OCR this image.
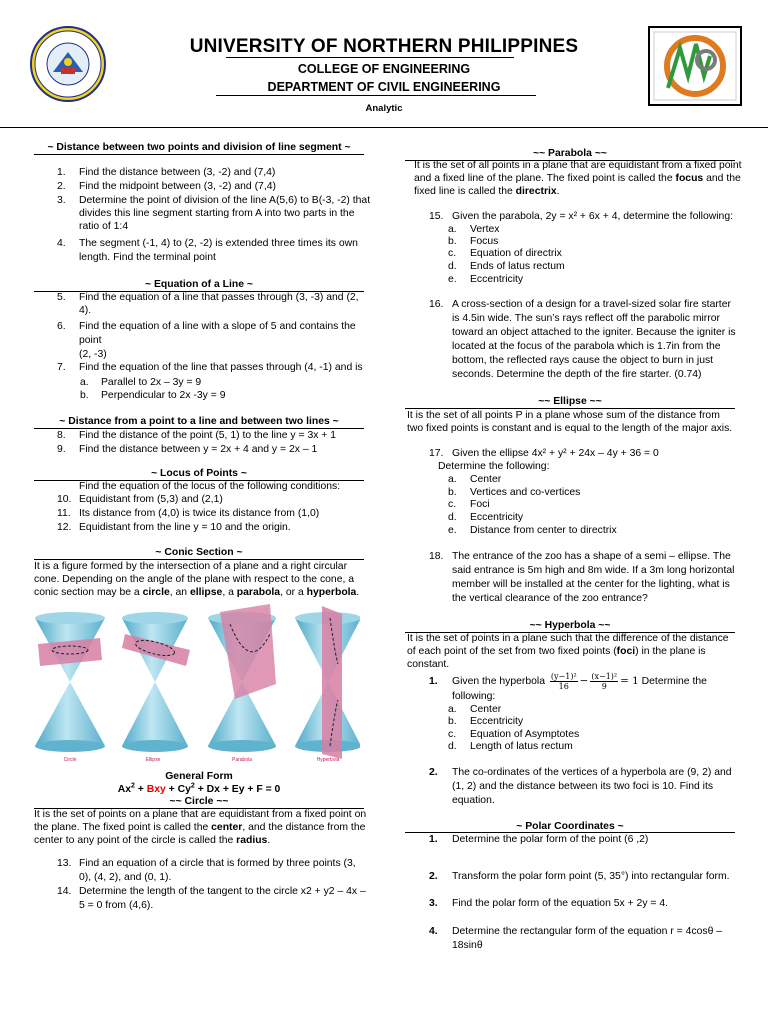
UNIVERSITY OF NORTHERN PHILIPPINES
COLLEGE OF ENGINEERING
DEPARTMENT OF CIVIL ENGINEERING
Analytic
~ Distance between two points and division of line segment ~
1. Find the distance between (3, -2) and (7,4)
2. Find the midpoint between (3, -2) and (7,4)
3. Determine the point of division of the line A(5,6) to B(-3, -2) that
divides this line segment starting from A into two parts in the
ratio of 1:4
4. The segment (-1, 4) to (2, -2) is extended three times its own
length. Find the terminal point
~ Equation of a Line ~
5. Find the equation of a line that passes through (3, -3) and (2,
4).
6. Find the equation of a line with a slope of 5 and contains the
point
(2, -3)
7. Find the equation of the line that passes through (4, -1) and is
a. Parallel to 2x – 3y = 9
b. Perpendicular to 2x -3y = 9
~ Distance from a point to a line and between two lines ~
8. Find the distance of the point (5, 1) to the line y = 3x + 1
9. Find the distance between y = 2x + 4 and y = 2x – 1
~ Locus of Points ~
Find the equation of the locus of the following conditions:
10. Equidistant from (5,3) and (2,1)
11. Its distance from (4,0) is twice its distance from (1,0)
12. Equidistant from the line y = 10 and the origin.
~ Conic Section ~
It is a figure formed by the intersection of a plane and a right circular
cone. Depending on the angle of the plane with respect to the cone, a
conic section may be a circle, an ellipse, a parabola, or a hyperbola.
Circle	Ellipse	Parabola	Hyperbola
General Form
$Ax^2$ + Bxy + $Cy^2 + Dx + Ey + F = 0$
~~ Circle ~~
It is the set of points on a plane that are equidistant from a fixed point on
the plane. The fixed point is called the center, and the distance from the
center to any point of the circle is called the radius.
13. Find an equation of a circle that is formed by three points (3,
0), (4, 2), and (0, 1).
14. Determine the length of the tangent to the circle x2 + y2 – 4x –
5 = 0 from (4,6).
~~ Parabola ~~
It is the set of all points in a plane that are equidistant from a fixed point
and a fixed line of the plane. The fixed point is called the focus and the
fixed line is called the directrix.
15. Given the parabola, 2y = x² + 6x + 4, determine the following:
a. Vertex
b. Focus
c. Equation of directrix
d. Ends of latus rectum
e. Eccentricity
16. A cross-section of a design for a travel-sized solar fire starter
is 4.5in wide. The sun’s rays reflect off the parabolic mirror
toward an object attached to the igniter. Because the igniter is
located at the focus of the parabola which is 1.7in from the
bottom, the reflected rays cause the object to burn in just
seconds. Determine the depth of the fire starter. (0.74)
~~ Ellipse ~~
It is the set of all points P in a plane whose sum of the distance from
two fixed points is constant and is equal to the length of the major axis.
17. Given the ellipse 4x² + y² + 24x – 4y + 36 = 0
Determine the following:
a. Center
b. Vertices and co-vertices
c. Foci
d. Eccentricity
e. Distance from center to directrix
18. The entrance of the zoo has a shape of a semi – ellipse. The
said entrance is 5m high and 8m wide. If a 3m long horizontal
member will be installed at the center for the lighting, what is
the vertical clearance of the zoo entrance?
~~ Hyperbola ~~
It is the set of points in a plane such that the difference of the distance
of each point of the set from two fixed points (foci) in the plane is
constant.
1. Given the hyperbola $\frac{\text{(y−1)²}}{16} - \frac{\text{(x−1)²}}{9} = 1$ Determine the
following:
a. Center
b. Eccentricity
c. Equation of Asymptotes
d. Length of latus rectum
2. The co-ordinates of the vertices of a hyperbola are (9, 2) and
(1, 2) and the distance between its two foci is 10. Find its
equation.
~ Polar Coordinates ~
1. Determine the polar form of the point (6 ,2)
2. Transform the polar form point (5, 35°) into rectangular form.
3. Find the polar form of the equation 5x + 2y = 4.
4. Determine the rectangular form of the equation r = 4cosθ –
18sinθ
